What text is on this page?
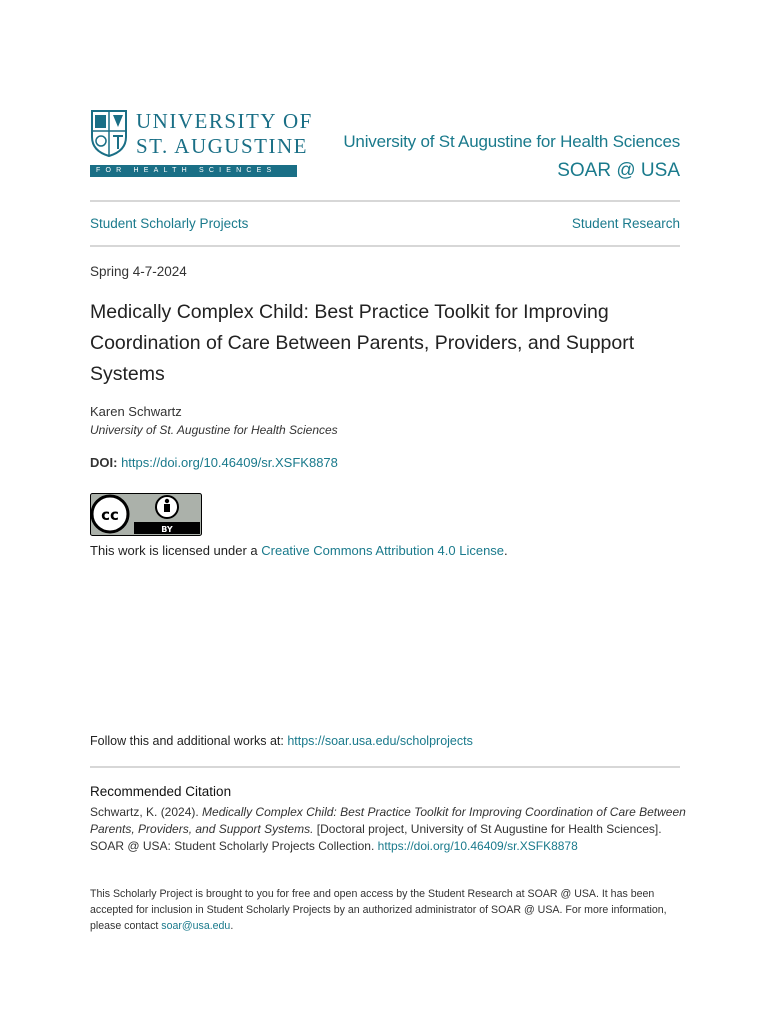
UNIVERSITY OF
ST. AUGUSTINE
FOR HEALTH SCIENCES
University of St Augustine for Health Sciences
SOAR @ USA
Student Scholarly Projects	Student Research
Spring 4-7-2024
Medically Complex Child: Best Practice Toolkit for Improving Coordination of Care Between Parents, Providers, and Support Systems
Karen Schwartz
University of St. Augustine for Health Sciences
DOI: https://doi.org/10.46409/sr.XSFK8878
cc
BY
This work is licensed under a Creative Commons Attribution 4.0 License.
Follow this and additional works at: https://soar.usa.edu/scholprojects
Recommended Citation
Schwartz, K. (2024). Medically Complex Child: Best Practice Toolkit for Improving Coordination of Care Between Parents, Providers, and Support Systems. [Doctoral project, University of St Augustine for Health Sciences]. SOAR @ USA: Student Scholarly Projects Collection. https://doi.org/10.46409/sr.XSFK8878
This Scholarly Project is brought to you for free and open access by the Student Research at SOAR @ USA. It has been accepted for inclusion in Student Scholarly Projects by an authorized administrator of SOAR @ USA. For more information, please contact soar@usa.edu.
